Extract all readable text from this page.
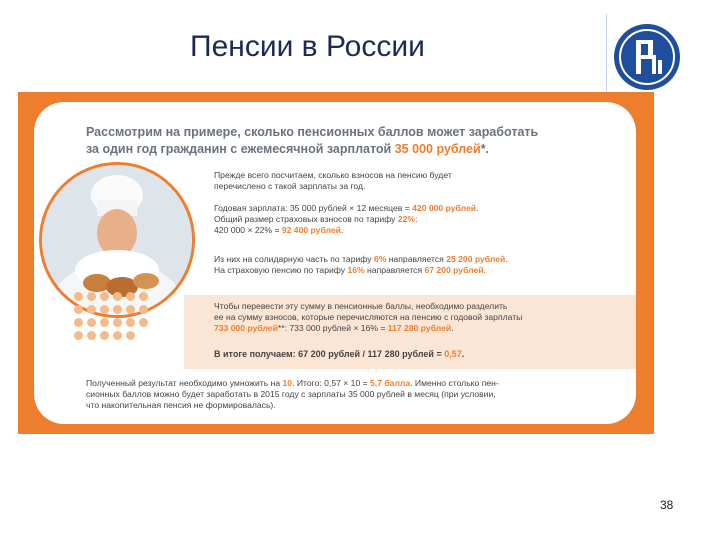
Пенсии в России
Рассмотрим на примере, сколько пенсионных баллов может заработать
за один год гражданин с ежемесячной зарплатой 35 000 рублей*.
Прежде всего посчитаем, сколько взносов на пенсию будет
перечислено с такой зарплаты за год.
Годовая зарплата: 35 000 рублей × 12 месяцев = 420 000 рублей.
Общий размер страховых взносов по тарифу 22%:
420 000 × 22% = 92 400 рублей.
Из них на солидарную часть по тарифу 6% направляется 25 200 рублей.
На страховую пенсию по тарифу 16% направляется 67 200 рублей.
Чтобы перевести эту сумму в пенсионные баллы, необходимо разделить
ее на сумму взносов, которые перечисляются на пенсию с годовой зарплаты
733 000 рублей**: 733 000 рублей × 16% = 117 280 рублей.
В итоге получаем: 67 200 рублей / 117 280 рублей = 0,57.
Полученный результат необходимо умножить на 10. Итого: 0,57 × 10 = 5,7 балла. Именно столько пен-
сионных баллов можно будет заработать в 2015 году с зарплаты 35 000 рублей в месяц (при условии,
что накопительная пенсия не формировалась).
38
